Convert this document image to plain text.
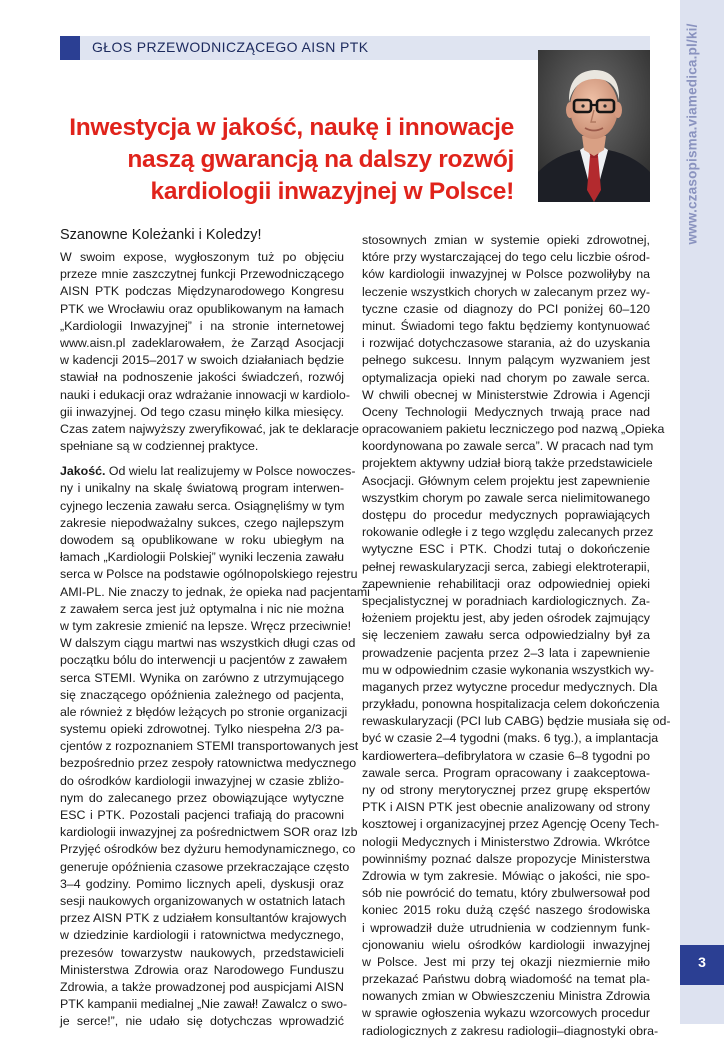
GŁOS PRZEWODNICZĄCEGO AISN PTK	www.czasopisma.viamedica.pl/ki/
3
Inwestycja w jakość, naukę i innowacje
naszą gwarancją na dalszy rozwój
kardiologii inwazyjnej w Polsce!
Szanowne Koleżanki i Koledzy!
W swoim expose, wygłoszonym tuż po objęciu
przeze mnie zaszczytnej funkcji Przewodniczącego
AISN PTK podczas Międzynarodowego Kongresu
PTK we Wrocławiu oraz opublikowanym na łamach
„Kardiologii Inwazyjnej” i na stronie internetowej
www.aisn.pl zadeklarowałem, że Zarząd Asocjacji
w kadencji 2015–2017 w swoich działaniach będzie
stawiał na podnoszenie jakości świadczeń, rozwój
nauki i edukacji oraz wdrażanie innowacji w kardiolo-
gii inwazyjnej. Od tego czasu minęło kilka miesięcy.
Czas zatem najwyższy zweryfikować, jak te deklaracje
spełniane są w codziennej praktyce.
Jakość. Od wielu lat realizujemy w Polsce nowoczes-
ny i unikalny na skalę światową program interwen-
cyjnego leczenia zawału serca. Osiągnęliśmy w tym
zakresie niepodważalny sukces, czego najlepszym
dowodem są opublikowane w roku ubiegłym na
łamach „Kardiologii Polskiej” wyniki leczenia zawału
serca w Polsce na podstawie ogólnopolskiego rejestru
AMI-PL. Nie znaczy to jednak, że opieka nad pacjentami
z zawałem serca jest już optymalna i nic nie można
w tym zakresie zmienić na lepsze. Wręcz przeciwnie!
W dalszym ciągu martwi nas wszystkich długi czas od
początku bólu do interwencji u pacjentów z zawałem
serca STEMI. Wynika on zarówno z utrzymującego
się znaczącego opóźnienia zależnego od pacjenta,
ale również z błędów leżących po stronie organizacji
systemu opieki zdrowotnej. Tylko niespełna 2/3 pa-
cjentów z rozpoznaniem STEMI transportowanych jest
bezpośrednio przez zespoły ratownictwa medycznego
do ośrodków kardiologii inwazyjnej w czasie zbliżo-
nym do zalecanego przez obowiązujące wytyczne
ESC i PTK. Pozostali pacjenci trafiają do pracowni
kardiologii inwazyjnej za pośrednictwem SOR oraz Izb
Przyjęć ośrodków bez dyżuru hemodynamicznego, co
generuje opóźnienia czasowe przekraczające często
3–4 godziny. Pomimo licznych apeli, dyskusji oraz
sesji naukowych organizowanych w ostatnich latach
przez AISN PTK z udziałem konsultantów krajowych
w dziedzinie kardiologii i ratownictwa medycznego,
prezesów towarzystw naukowych, przedstawicieli
Ministerstwa Zdrowia oraz Narodowego Funduszu
Zdrowia, a także prowadzonej pod auspicjami AISN
PTK kampanii medialnej „Nie zawał! Zawalcz o swo-
je serce!”, nie udało się dotychczas wprowadzić
stosownych zmian w systemie opieki zdrowotnej,
które przy wystarczającej do tego celu liczbie ośrod-
ków kardiologii inwazyjnej w Polsce pozwoliłyby na
leczenie wszystkich chorych w zalecanym przez wy-
tyczne czasie od diagnozy do PCI poniżej 60–120
minut. Świadomi tego faktu będziemy kontynuować
i rozwijać dotychczasowe starania, aż do uzyskania
pełnego sukcesu. Innym palącym wyzwaniem jest
optymalizacja opieki nad chorym po zawale serca.
W chwili obecnej w Ministerstwie Zdrowia i Agencji
Oceny Technologii Medycznych trwają prace nad
opracowaniem pakietu leczniczego pod nazwą „Opieka
koordynowana po zawale serca”. W pracach nad tym
projektem aktywny udział biorą także przedstawiciele
Asocjacji. Głównym celem projektu jest zapewnienie
wszystkim chorym po zawale serca nielimitowanego
dostępu do procedur medycznych poprawiających
rokowanie odległe i z tego względu zalecanych przez
wytyczne ESC i PTK. Chodzi tutaj o dokończenie
pełnej rewaskularyzacji serca, zabiegi elektroterapii,
zapewnienie rehabilitacji oraz odpowiedniej opieki
specjalistycznej w poradniach kardiologicznych. Za-
łożeniem projektu jest, aby jeden ośrodek zajmujący
się leczeniem zawału serca odpowiedzialny był za
prowadzenie pacjenta przez 2–3 lata i zapewnienie
mu w odpowiednim czasie wykonania wszystkich wy-
maganych przez wytyczne procedur medycznych. Dla
przykładu, ponowna hospitalizacja celem dokończenia
rewaskularyzacji (PCI lub CABG) będzie musiała się od-
być w czasie 2–4 tygodni (maks. 6 tyg.), a implantacja
kardiowertera–defibrylatora w czasie 6–8 tygodni po
zawale serca. Program opracowany i zaakceptowa-
ny od strony merytorycznej przez grupę ekspertów
PTK i AISN PTK jest obecnie analizowany od strony
kosztowej i organizacyjnej przez Agencję Oceny Tech-
nologii Medycznych i Ministerstwo Zdrowia. Wkrótce
powinniśmy poznać dalsze propozycje Ministerstwa
Zdrowia w tym zakresie. Mówiąc o jakości, nie spo-
sób nie powrócić do tematu, który zbulwersował pod
koniec 2015 roku dużą część naszego środowiska
i wprowadził duże utrudnienia w codziennym funk-
cjonowaniu wielu ośrodków kardiologii inwazyjnej
w Polsce. Jest mi przy tej okazji niezmiernie miło
przekazać Państwu dobrą wiadomość na temat pla-
nowanych zmian w Obwieszczeniu Ministra Zdrowia
w sprawie ogłoszenia wykazu wzorcowych procedur
radiologicznych z zakresu radiologii–diagnostyki obra-
